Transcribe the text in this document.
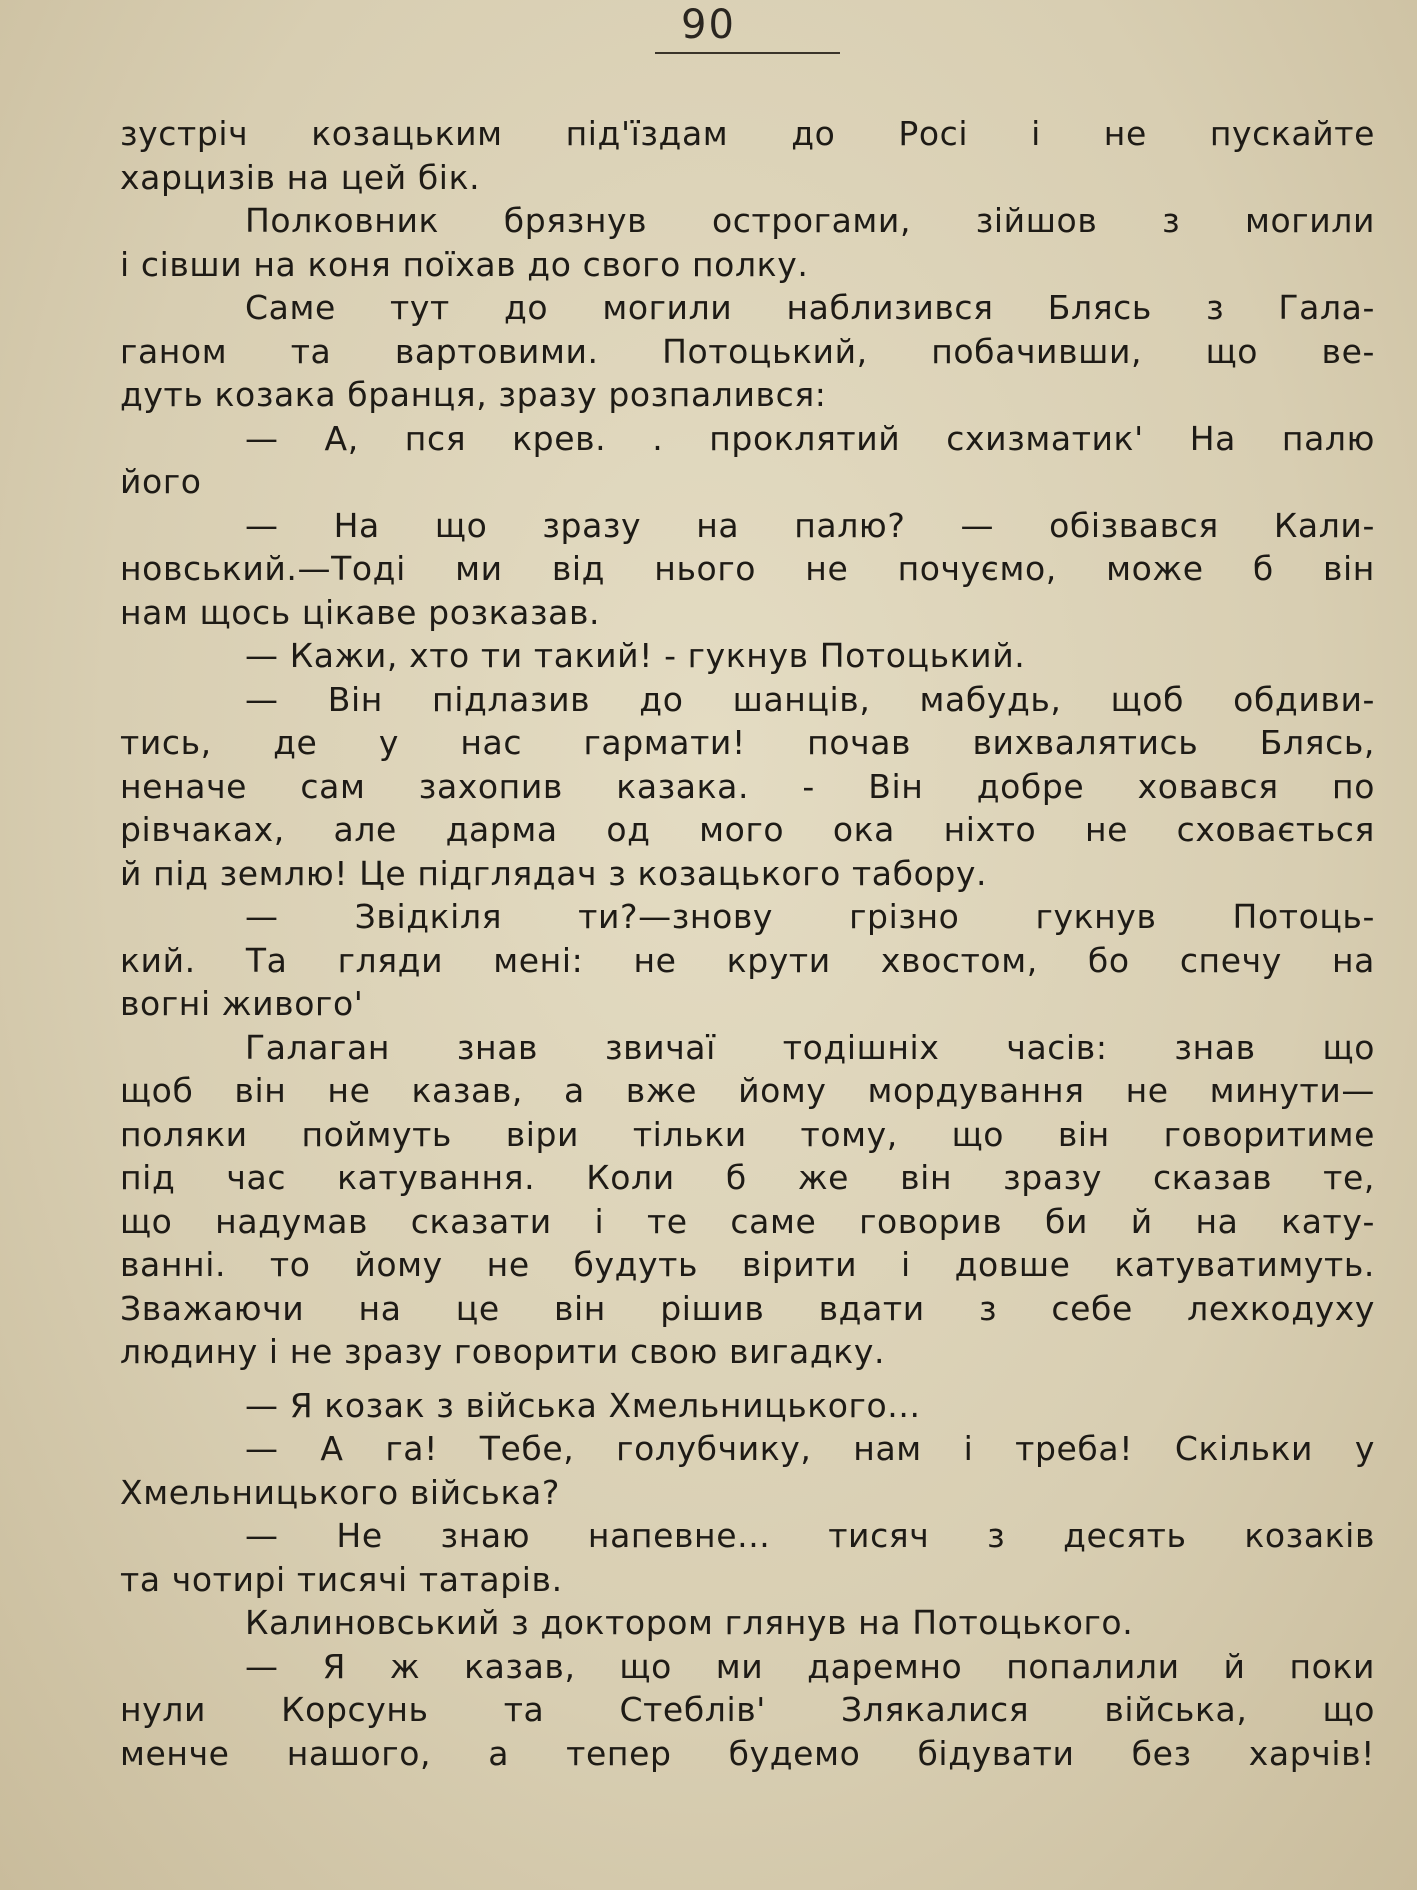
90
зустріч козацьким під'їздам до Росі і не пускайте
харцизів на цей бік.
Полковник брязнув острогами, зійшов з могили
і сівши на коня поїхав до свого полку.
Саме тут до могили наблизився Блясь з Гала-
ганом та вартовими. Потоцький, побачивши, що ве-
дуть козака бранця, зразу розпалився:
— А, пся крев. . проклятий схизматик' На палю
його
— На що зразу на палю? — обізвався Кали-
новський.—Тоді ми від нього не почуємо, може б він
нам щось цікаве розказав.
— Кажи, хто ти такий! - гукнув Потоцький.
— Він підлазив до шанців, мабудь, щоб обдиви-
тись, де у нас гармати! почав вихвалятись Блясь,
неначе сам захопив казака. - Він добре ховався по
рівчаках, але дарма од мого ока ніхто не сховається
й під землю! Це підглядач з козацького табору.
— Звідкіля ти?—знову грізно гукнув Потоць-
кий. Та гляди мені: не крути хвостом, бо спечу на
вогні живого'
Галаган знав звичаї тодішніх часів: знав що
щоб він не казав, а вже йому мордування не минути—
поляки поймуть віри тільки тому, що він говоритиме
під час катування. Коли б же він зразу сказав те,
що надумав сказати і те саме говорив би й на кату-
ванні. то йому не будуть вірити і довше катуватимуть.
Зважаючи на це він рішив вдати з себе лехкодуху
людину і не зразу говорити свою вигадку.
— Я козак з війська Хмельницького...
— А га! Тебе, голубчику, нам і треба! Скільки у
Хмельницького війська?
— Не знаю напевне... тисяч з десять козаків
та чотирі тисячі татарів.
Калиновський з доктором глянув на Потоцького.
— Я ж казав, що ми даремно попалили й поки
нули Корсунь та Стеблів' Злякалися війська, що
менче нашого, а тепер будемо бідувати без харчів!
